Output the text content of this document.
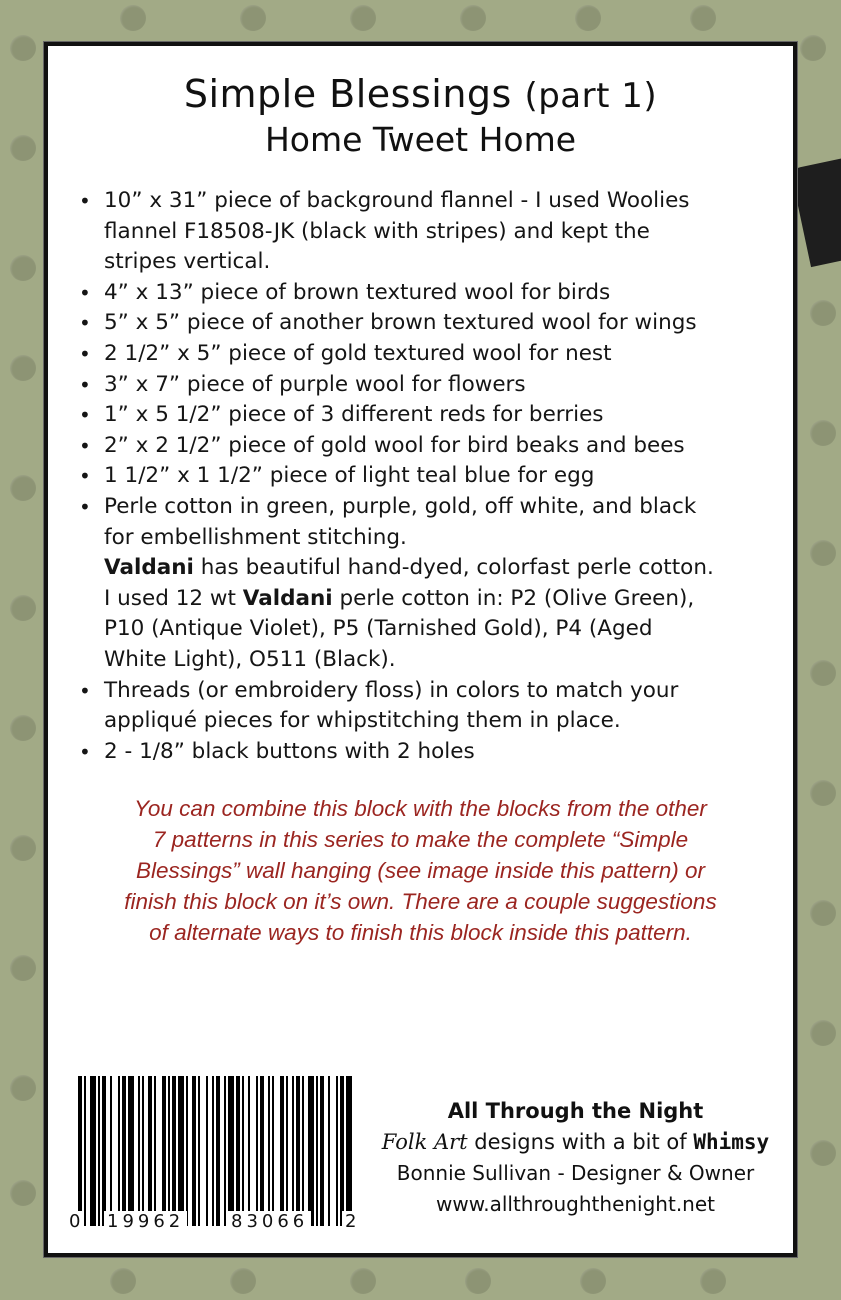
Simple Blessings (part 1)
Home Tweet Home
• 10” x 31” piece of background flannel - I used Woolies
flannel F18508-JK (black with stripes) and kept the
stripes vertical.
• 4” x 13” piece of brown textured wool for birds
• 5” x 5” piece of another brown textured wool for wings
• 2 1/2” x 5” piece of gold textured wool for nest
• 3” x 7” piece of purple wool for flowers
• 1” x 5 1/2” piece of 3 different reds for berries
• 2” x 2 1/2” piece of gold wool for bird beaks and bees
• 1 1/2” x 1 1/2” piece of light teal blue for egg
• Perle cotton in green, purple, gold, off white, and black
for embellishment stitching.
Valdani has beautiful hand-dyed, colorfast perle cotton.
I used 12 wt Valdani perle cotton in: P2 (Olive Green),
P10 (Antique Violet), P5 (Tarnished Gold), P4 (Aged
White Light), O511 (Black).
• Threads (or embroidery floss) in colors to match your
appliqué pieces for whipstitching them in place.
• 2 - 1/8” black buttons with 2 holes
You can combine this block with the blocks from the other
7 patterns in this series to make the complete “Simple
Blessings” wall hanging (see image inside this pattern) or
finish this block on it’s own. There are a couple suggestions
of alternate ways to finish this block inside this pattern.
0 19962	83066 2
All Through the Night
Folk Art designs with a bit of Whimsy
Bonnie Sullivan - Designer & Owner
www.allthroughthenight.net
